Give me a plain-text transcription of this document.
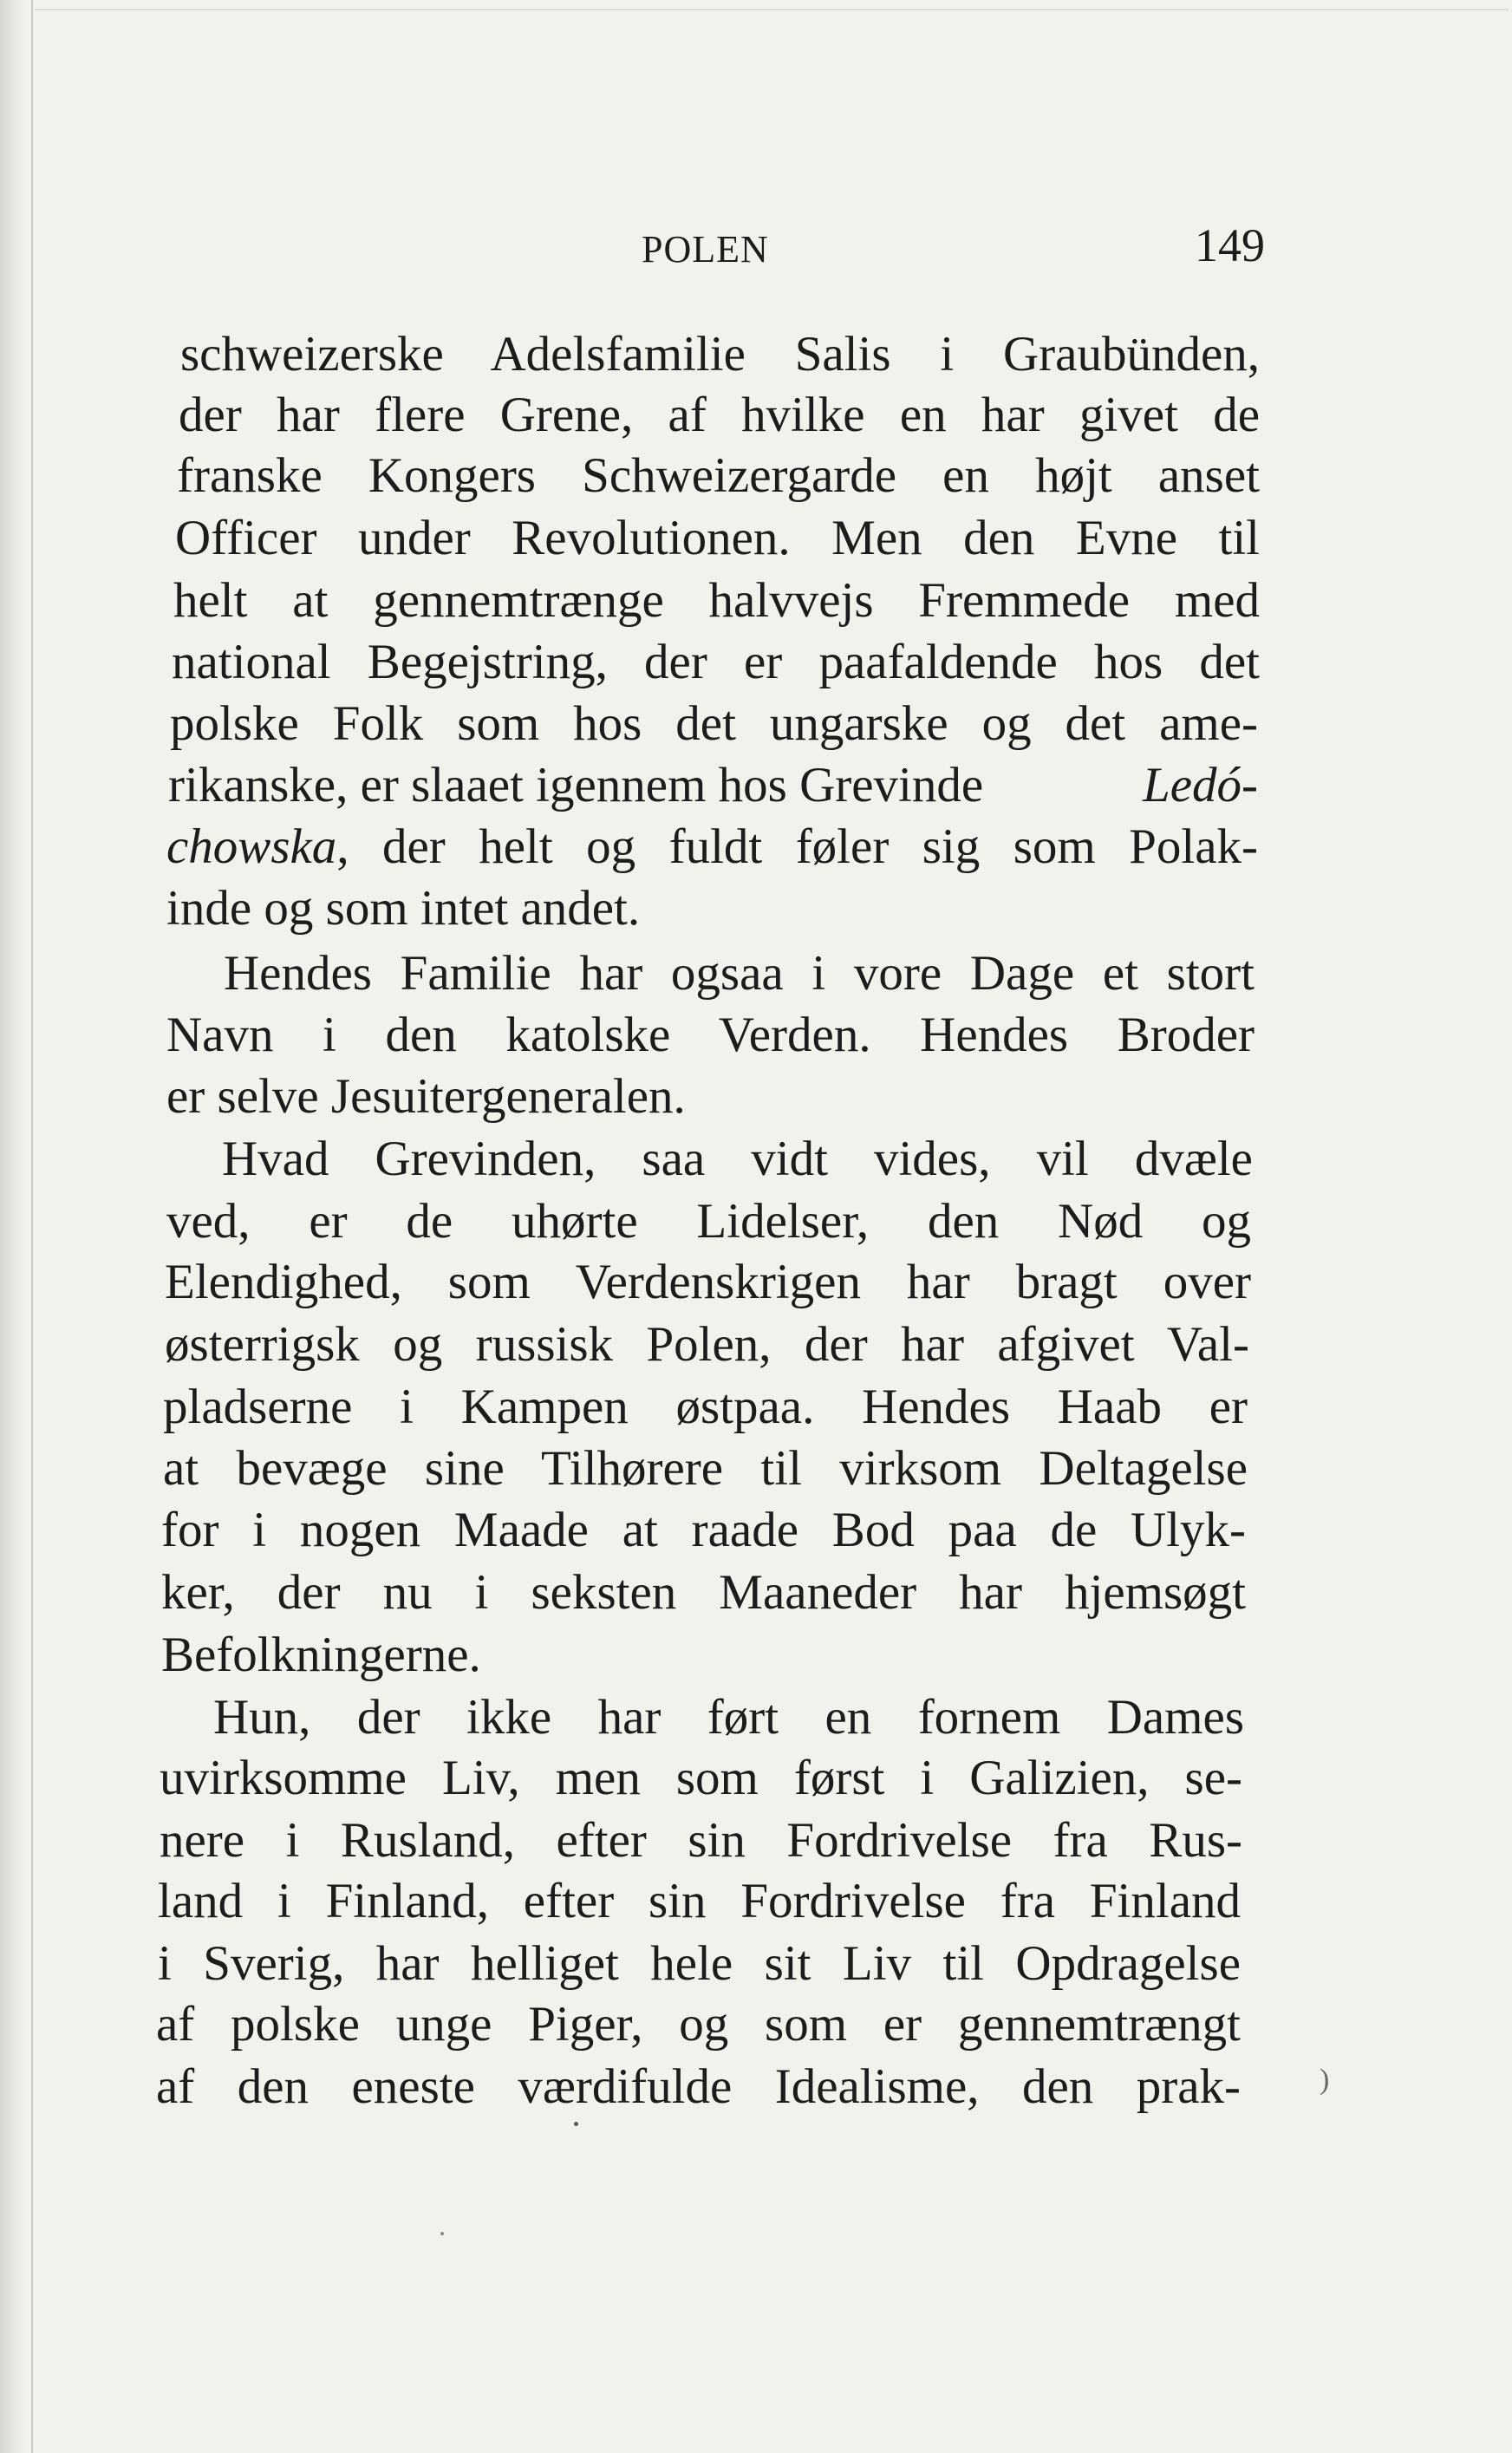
POLEN	149
schweizerske Adelsfamilie Salis i Graubünden,
der har flere Grene, af hvilke en har givet de
franske Kongers Schweizergarde en højt anset
Officer under Revolutionen. Men den Evne til
helt at gennemtrænge halvvejs Fremmede med
national Begejstring, der er paafaldende hos det
polske Folk som hos det ungarske og det ame-
rikanske, er slaaet igennem hos Grevinde	Ledó-
chowska , der helt og fuldt føler sig som Polak-
inde og som intet andet.
Hendes Familie har ogsaa i vore Dage et stort
Navn i den katolske Verden. Hendes Broder
er selve Jesuitergeneralen.
Hvad Grevinden, saa vidt vides, vil dvæle
ved, er de uhørte Lidelser, den Nød og
Elendighed, som Verdenskrigen har bragt over
østerrigsk og russisk Polen, der har afgivet Val-
pladserne i Kampen østpaa. Hendes Haab er
at bevæge sine Tilhørere til virksom Deltagelse
for i nogen Maade at raade Bod paa de Ulyk-
ker, der nu i seksten Maaneder har hjemsøgt
Befolkningerne.
Hun, der ikke har ført en fornem Dames
uvirksomme Liv, men som først i Galizien, se-
nere i Rusland, efter sin Fordrivelse fra Rus-
land i Finland, efter sin Fordrivelse fra Finland
i Sverig, har helliget hele sit Liv til Opdragelse
af polske unge Piger, og som er gennemtrængt
af den eneste værdifulde Idealisme, den prak-	)
